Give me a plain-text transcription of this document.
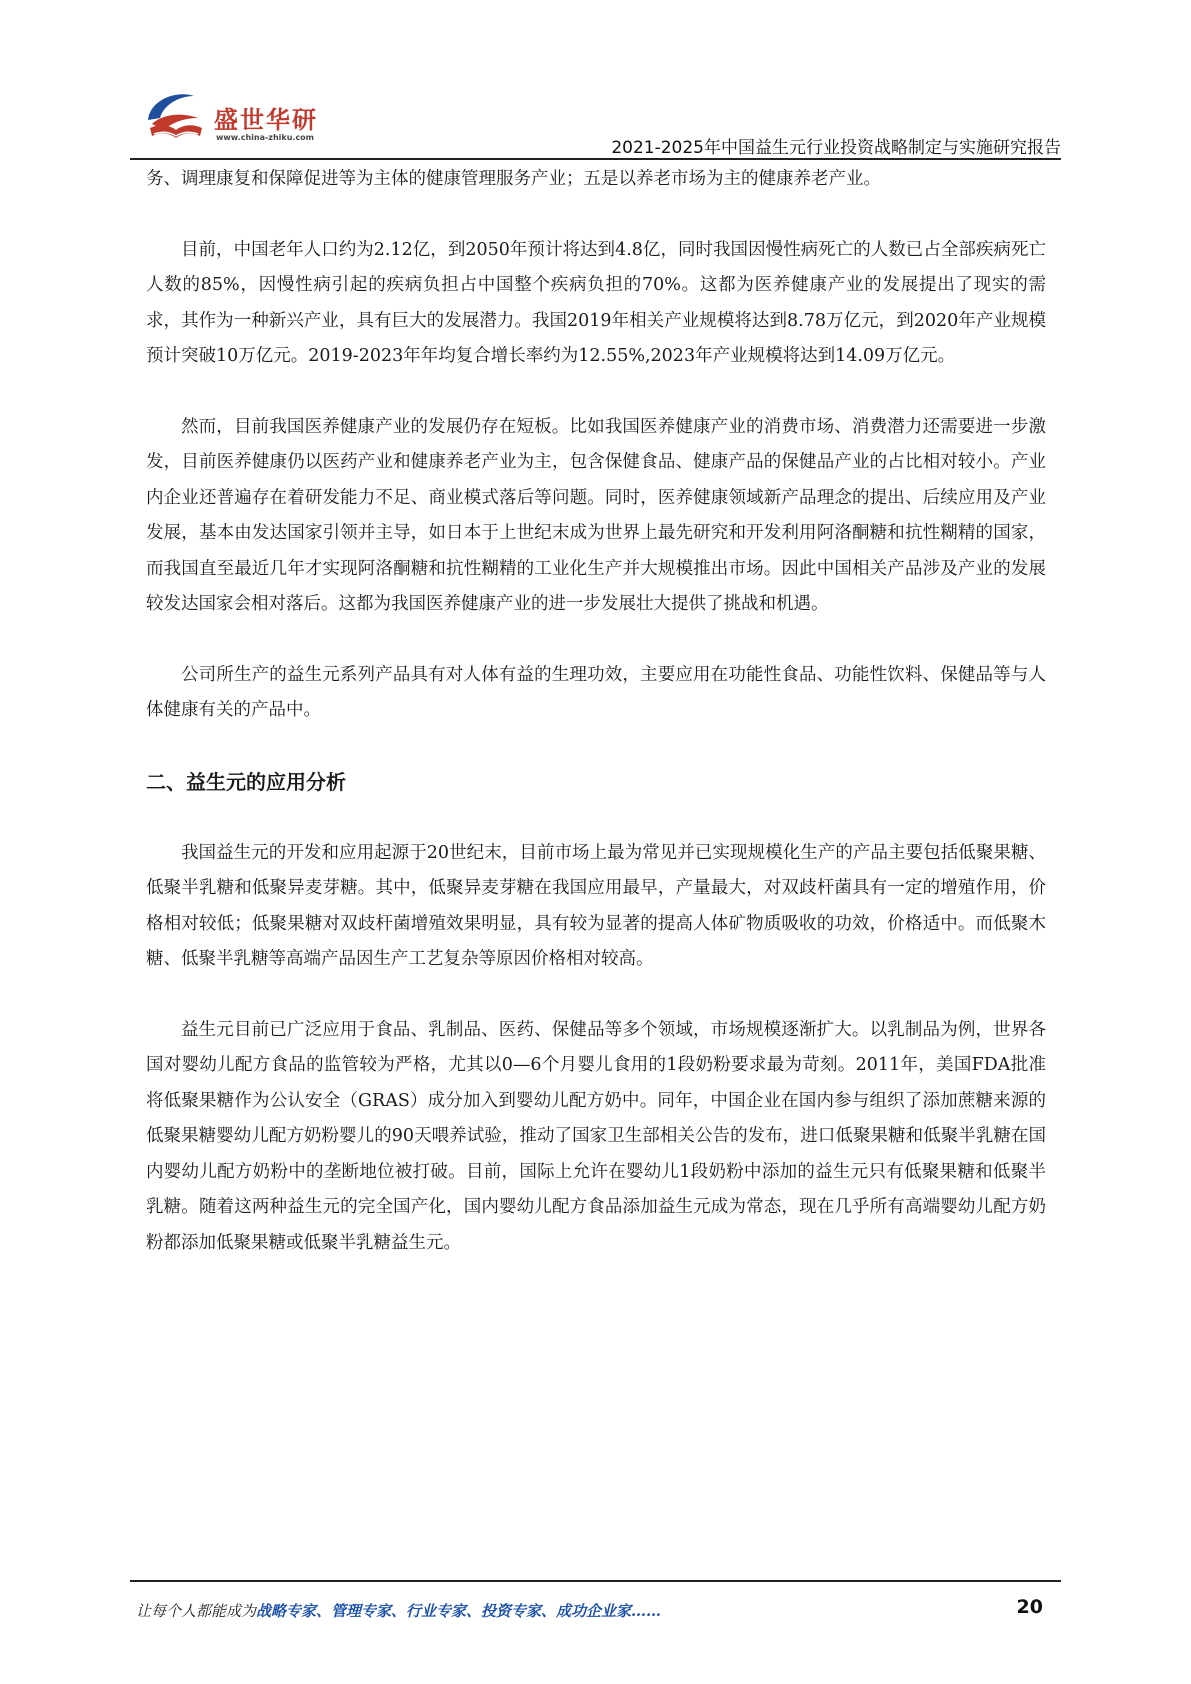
盛世华研
www.china-zhiku.com
2021-2025年中国益生元行业投资战略制定与实施研究报告

务、调理康复和保障促进等为主体的健康管理服务产业；五是以养老市场为主的健康养老产业。

目前，中国老年人口约为2.12亿，到2050年预计将达到4.8亿，同时我国因慢性病死亡的人数已占全部疾病死亡人数的85%，因慢性病引起的疾病负担占中国整个疾病负担的70%。这都为医养健康产业的发展提出了现实的需求，其作为一种新兴产业，具有巨大的发展潜力。我国2019年相关产业规模将达到8.78万亿元，到2020年产业规模预计突破10万亿元。2019-2023年年均复合增长率约为12.55%,2023年产业规模将达到14.09万亿元。

然而，目前我国医养健康产业的发展仍存在短板。比如我国医养健康产业的消费市场、消费潜力还需要进一步激发，目前医养健康仍以医药产业和健康养老产业为主，包含保健食品、健康产品的保健品产业的占比相对较小。产业内企业还普遍存在着研发能力不足、商业模式落后等问题。同时，医养健康领域新产品理念的提出、后续应用及产业发展，基本由发达国家引领并主导，如日本于上世纪末成为世界上最先研究和开发利用阿洛酮糖和抗性糊精的国家，而我国直至最近几年才实现阿洛酮糖和抗性糊精的工业化生产并大规模推出市场。因此中国相关产品涉及产业的发展较发达国家会相对落后。这都为我国医养健康产业的进一步发展壮大提供了挑战和机遇。

公司所生产的益生元系列产品具有对人体有益的生理功效，主要应用在功能性食品、功能性饮料、保健品等与人体健康有关的产品中。

二、益生元的应用分析

我国益生元的开发和应用起源于20世纪末，目前市场上最为常见并已实现规模化生产的产品主要包括低聚果糖、低聚半乳糖和低聚异麦芽糖。其中，低聚异麦芽糖在我国应用最早，产量最大，对双歧杆菌具有一定的增殖作用，价格相对较低；低聚果糖对双歧杆菌增殖效果明显，具有较为显著的提高人体矿物质吸收的功效，价格适中。而低聚木糖、低聚半乳糖等高端产品因生产工艺复杂等原因价格相对较高。

益生元目前已广泛应用于食品、乳制品、医药、保健品等多个领域，市场规模逐渐扩大。以乳制品为例，世界各国对婴幼儿配方食品的监管较为严格，尤其以0—6个月婴儿食用的1段奶粉要求最为苛刻。2011年，美国FDA批准将低聚果糖作为公认安全（GRAS）成分加入到婴幼儿配方奶中。同年，中国企业在国内参与组织了添加蔗糖来源的低聚果糖婴幼儿配方奶粉婴儿的90天喂养试验，推动了国家卫生部相关公告的发布，进口低聚果糖和低聚半乳糖在国内婴幼儿配方奶粉中的垄断地位被打破。目前，国际上允许在婴幼儿1段奶粉中添加的益生元只有低聚果糖和低聚半乳糖。随着这两种益生元的完全国产化，国内婴幼儿配方食品添加益生元成为常态，现在几乎所有高端婴幼儿配方奶粉都添加低聚果糖或低聚半乳糖益生元。

让每个人都能成为战略专家、管理专家、行业专家、投资专家、成功企业家……	20
